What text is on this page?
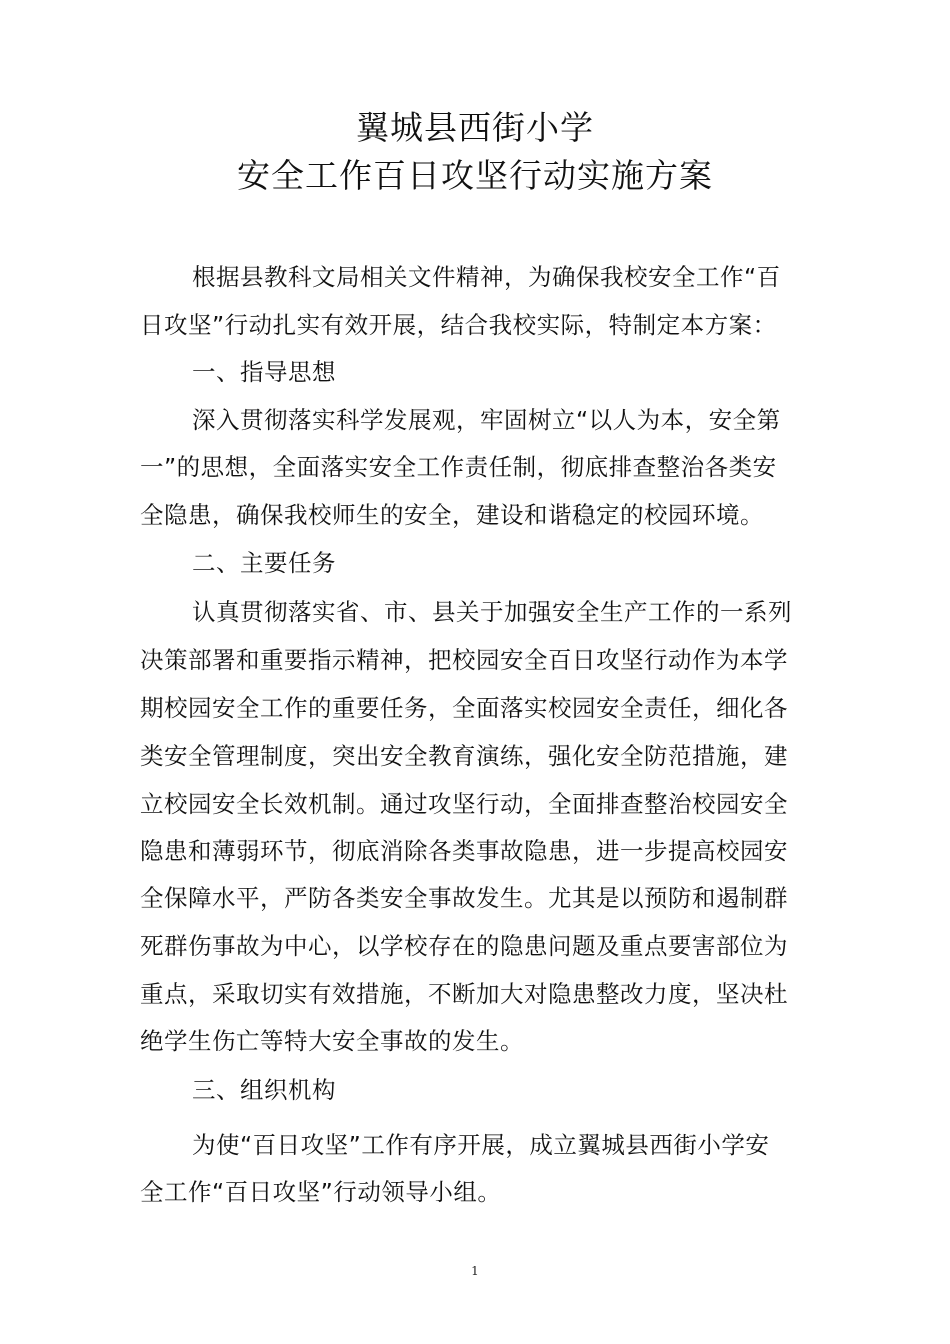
翼城县西街小学
安全工作百日攻坚行动实施方案
根据县教科文局相关文件精神，为确保我校安全工作“百
日攻坚”行动扎实有效开展，结合我校实际，特制定本方案：
一、指导思想
深入贯彻落实科学发展观，牢固树立“以人为本，安全第
一”的思想，全面落实安全工作责任制，彻底排查整治各类安
全隐患，确保我校师生的安全，建设和谐稳定的校园环境。
二、主要任务
认真贯彻落实省、市、县关于加强安全生产工作的一系列
决策部署和重要指示精神，把校园安全百日攻坚行动作为本学
期校园安全工作的重要任务，全面落实校园安全责任，细化各
类安全管理制度，突出安全教育演练，强化安全防范措施，建
立校园安全长效机制。通过攻坚行动，全面排查整治校园安全
隐患和薄弱环节，彻底消除各类事故隐患，进一步提高校园安
全保障水平，严防各类安全事故发生。尤其是以预防和遏制群
死群伤事故为中心，以学校存在的隐患问题及重点要害部位为
重点，采取切实有效措施，不断加大对隐患整改力度，坚决杜
绝学生伤亡等特大安全事故的发生。
三、组织机构
为使“百日攻坚”工作有序开展，成立翼城县西街小学安
全工作“百日攻坚”行动领导小组。
1
